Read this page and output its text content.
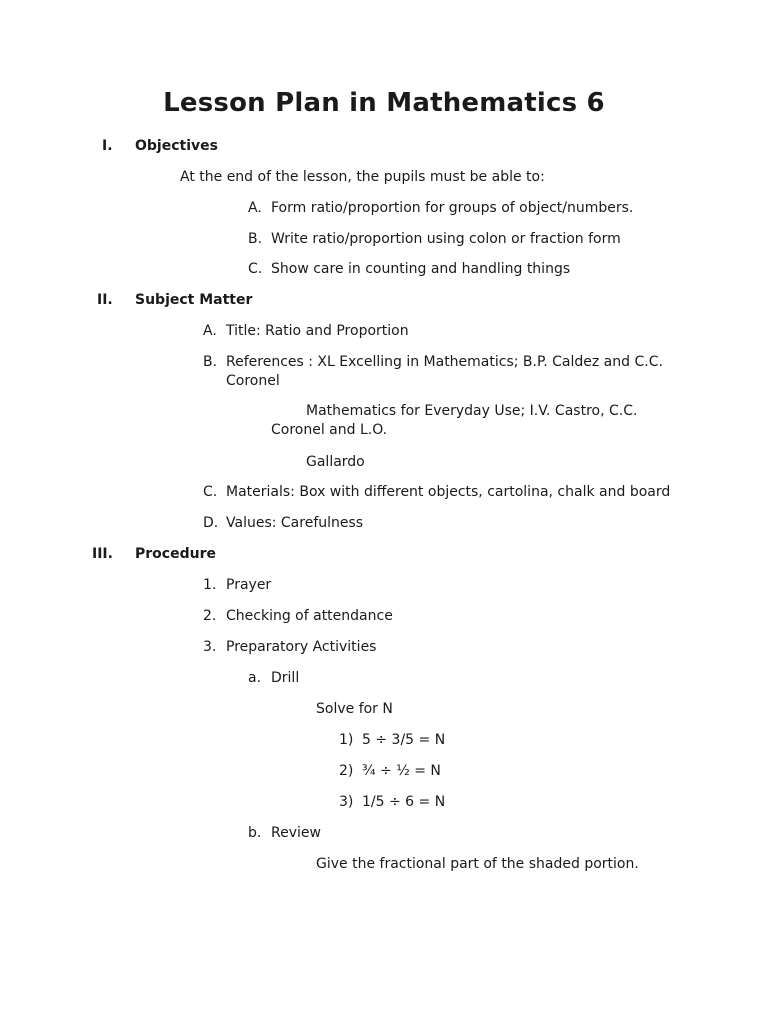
Lesson Plan in Mathematics 6
I. Objectives
At the end of the lesson, the pupils must be able to:
A. Form ratio/proportion for groups of object/numbers.
B. Write ratio/proportion using colon or fraction form
C. Show care in counting and handling things
II. Subject Matter
A. Title: Ratio and Proportion
B. References : XL Excelling in Mathematics; B.P. Caldez and C.C.
Coronel
Mathematics for Everyday Use; I.V. Castro, C.C.
Coronel and L.O.
Gallardo
C. Materials: Box with different objects, cartolina, chalk and board
D. Values: Carefulness
III. Procedure
1. Prayer
2. Checking of attendance
3. Preparatory Activities
a. Drill
Solve for N
1) 5 ÷ 3/5 = N
2) ¾ ÷ ½ = N
3) 1/5 ÷ 6 = N
b. Review
Give the fractional part of the shaded portion.
